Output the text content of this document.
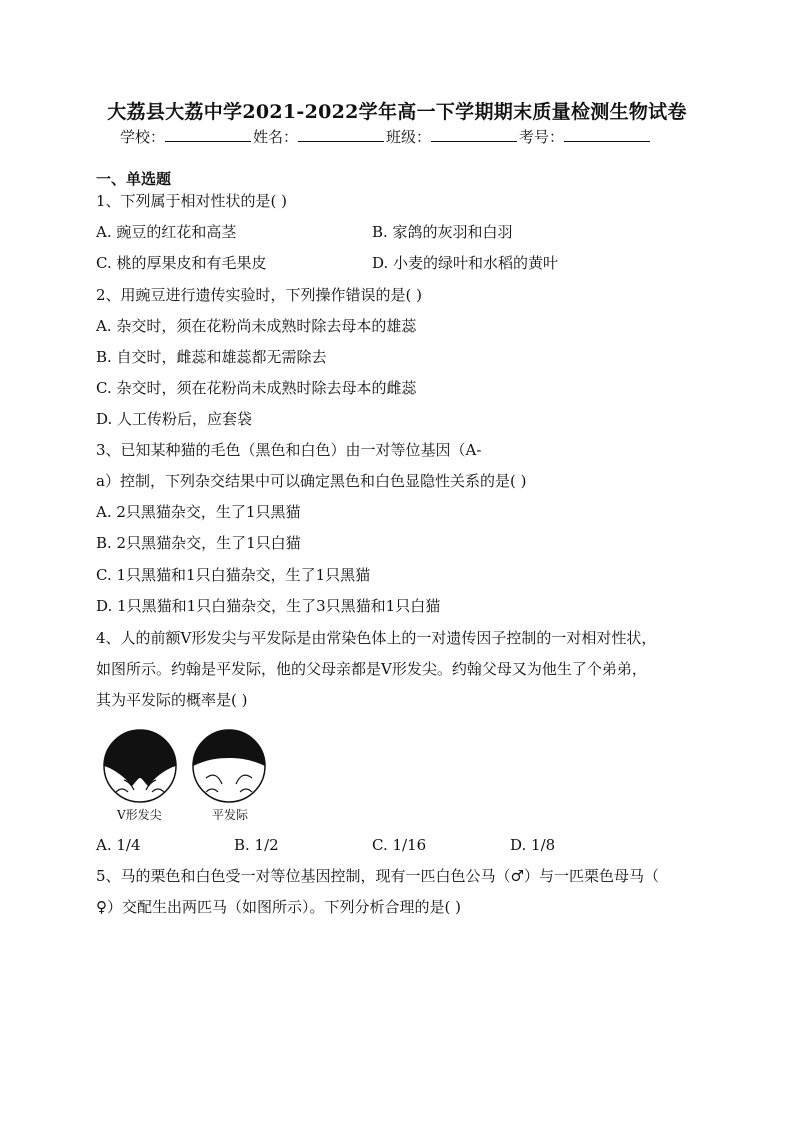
大荔县大荔中学2021-2022学年高一下学期期末质量检测生物试卷
学校：	姓名：	班级：	考号：
一、单选题
1、下列属于相对性状的是( )
A. 豌豆的红花和高茎	B. 家鸽的灰羽和白羽
C. 桃的厚果皮和有毛果皮	D. 小麦的绿叶和水稻的黄叶
2、用豌豆进行遗传实验时，下列操作错误的是( )
A. 杂交时，须在花粉尚未成熟时除去母本的雄蕊
B. 自交时，雌蕊和雄蕊都无需除去
C. 杂交时，须在花粉尚未成熟时除去母本的雌蕊
D. 人工传粉后，应套袋
3、已知某种猫的毛色（黑色和白色）由一对等位基因（A-
a）控制，下列杂交结果中可以确定黑色和白色显隐性关系的是( )
A. 2只黑猫杂交，生了1只黑猫
B. 2只黑猫杂交，生了1只白猫
C. 1只黑猫和1只白猫杂交，生了1只黑猫
D. 1只黑猫和1只白猫杂交，生了3只黑猫和1只白猫
4、人的前额V形发尖与平发际是由常染色体上的一对遗传因子控制的一对相对性状，
如图所示。约翰是平发际，他的父母亲都是V形发尖。约翰父母又为他生了个弟弟，
其为平发际的概率是( )
V形发尖	平发际
A. 1/4	B. 1/2	C. 1/16	D. 1/8
5、马的栗色和白色受一对等位基因控制，现有一匹白色公马（♂）与一匹栗色母马（
♀）交配生出两匹马（如图所示）。下列分析合理的是( )
